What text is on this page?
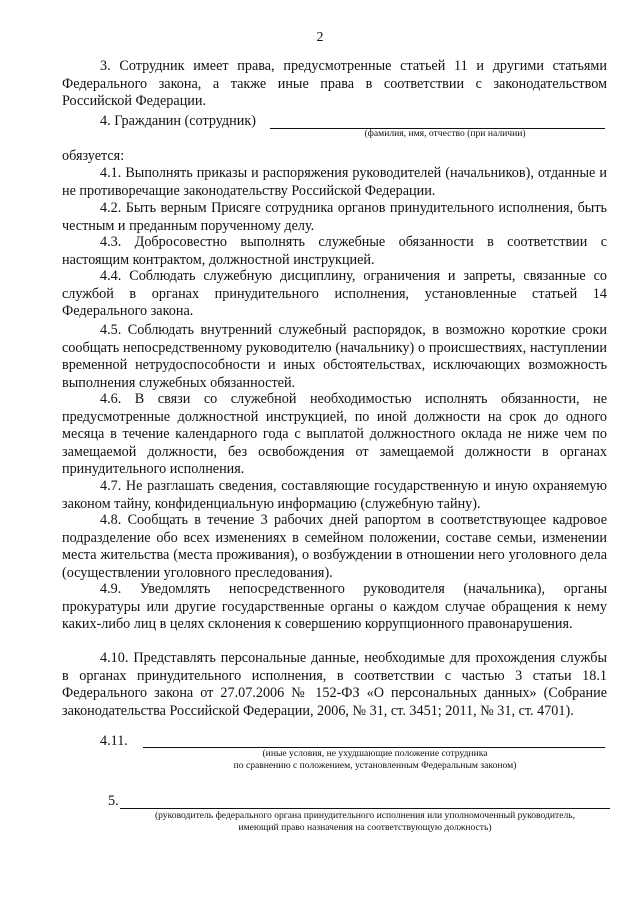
2

3. Сотрудник имеет права, предусмотренные статьей 11 и другими статьями Федерального закона, а также иные права в соответствии с законодательством Российской Федерации.

4. Гражданин (сотрудник)
(фамилия, имя, отчество (при наличии)

обязуется:

4.1. Выполнять приказы и распоряжения руководителей (начальников), отданные и не противоречащие законодательству Российской Федерации.

4.2. Быть верным Присяге сотрудника органов принудительного исполнения, быть честным и преданным порученному делу.

4.3. Добросовестно выполнять служебные обязанности в соответствии с настоящим контрактом, должностной инструкцией.

4.4. Соблюдать служебную дисциплину, ограничения и запреты, связанные со службой в органах принудительного исполнения, установленные статьей 14 Федерального закона.

4.5. Соблюдать внутренний служебный распорядок, в возможно короткие сроки сообщать непосредственному руководителю (начальнику) о происшествиях, наступлении временной нетрудоспособности и иных обстоятельствах, исключающих возможность выполнения служебных обязанностей.

4.6. В связи со служебной необходимостью исполнять обязанности, не предусмотренные должностной инструкцией, по иной должности на срок до одного месяца в течение календарного года с выплатой должностного оклада не ниже чем по замещаемой должности, без освобождения от замещаемой должности в органах принудительного исполнения.

4.7. Не разглашать сведения, составляющие государственную и иную охраняемую законом тайну, конфиденциальную информацию (служебную тайну).

4.8. Сообщать в течение 3 рабочих дней рапортом в соответствующее кадровое подразделение обо всех изменениях в семейном положении, составе семьи, изменении места жительства (места проживания), о возбуждении в отношении него уголовного дела (осуществлении уголовного преследования).

4.9. Уведомлять непосредственного руководителя (начальника), органы прокуратуры или другие государственные органы о каждом случае обращения к нему каких-либо лиц в целях склонения к совершению коррупционного правонарушения.

4.10. Представлять персональные данные, необходимые для прохождения службы в органах принудительного исполнения, в соответствии с частью 3 статьи 18.1 Федерального закона от 27.07.2006 № 152-ФЗ «О персональных данных» (Собрание законодательства Российской Федерации, 2006, № 31, ст. 3451; 2011, № 31, ст. 4701).

4.11.
(иные условия, не ухудшающие положение сотрудника
по сравнению с положением, установленным Федеральным законом)
5.
(руководитель федерального органа принудительного исполнения или уполномоченный руководитель,
имеющий право назначения на соответствующую должность)
